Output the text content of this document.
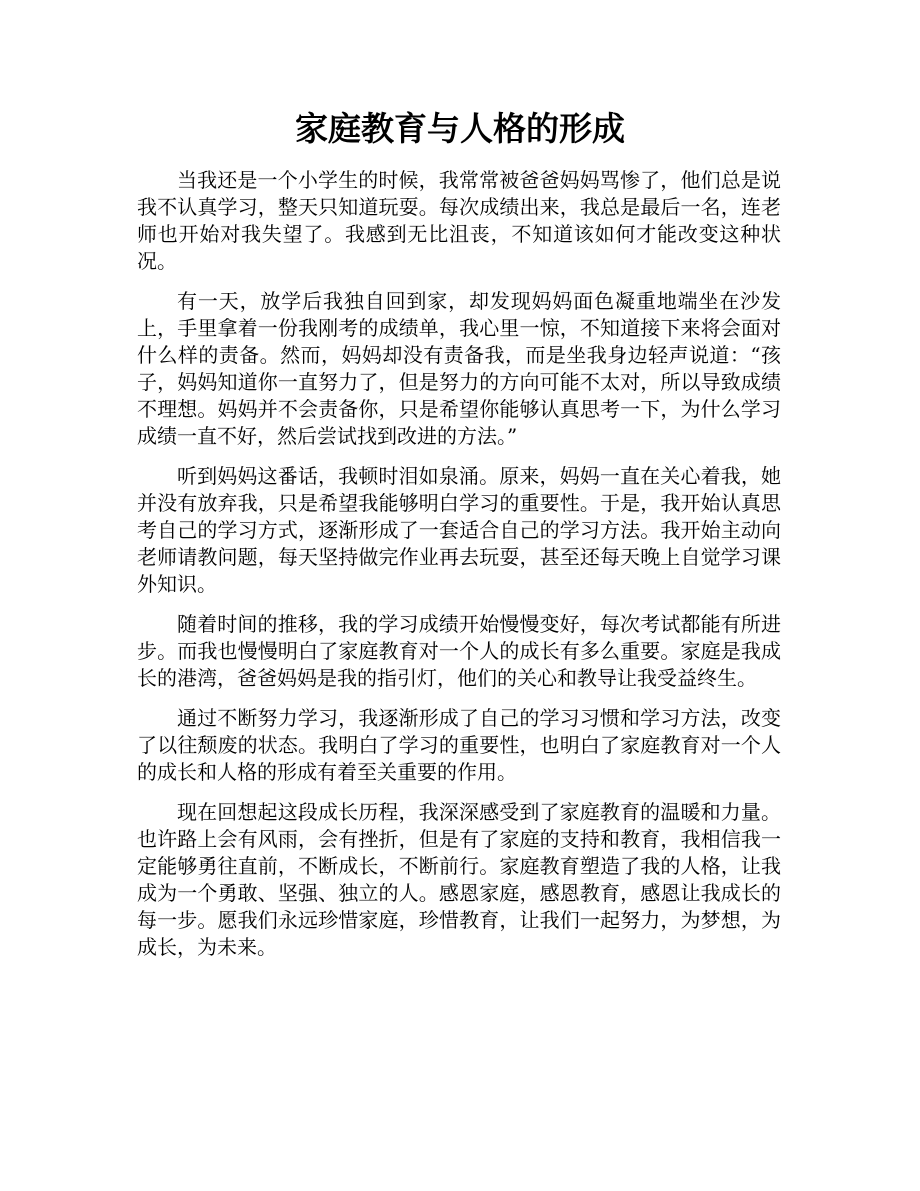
家庭教育与人格的形成

当我还是一个小学生的时候，我常常被爸爸妈妈骂惨了，他们总是说我不认真学习，整天只知道玩耍。每次成绩出来，我总是最后一名，连老师也开始对我失望了。我感到无比沮丧，不知道该如何才能改变这种状况。

有一天，放学后我独自回到家，却发现妈妈面色凝重地端坐在沙发上，手里拿着一份我刚考的成绩单，我心里一惊，不知道接下来将会面对什么样的责备。然而，妈妈却没有责备我，而是坐我身边轻声说道：“孩子，妈妈知道你一直努力了，但是努力的方向可能不太对，所以导致成绩不理想。妈妈并不会责备你，只是希望你能够认真思考一下，为什么学习成绩一直不好，然后尝试找到改进的方法。”

听到妈妈这番话，我顿时泪如泉涌。原来，妈妈一直在关心着我，她并没有放弃我，只是希望我能够明白学习的重要性。于是，我开始认真思考自己的学习方式，逐渐形成了一套适合自己的学习方法。我开始主动向老师请教问题，每天坚持做完作业再去玩耍，甚至还每天晚上自觉学习课外知识。

随着时间的推移，我的学习成绩开始慢慢变好，每次考试都能有所进步。而我也慢慢明白了家庭教育对一个人的成长有多么重要。家庭是我成长的港湾，爸爸妈妈是我的指引灯，他们的关心和教导让我受益终生。

通过不断努力学习，我逐渐形成了自己的学习习惯和学习方法，改变了以往颓废的状态。我明白了学习的重要性，也明白了家庭教育对一个人的成长和人格的形成有着至关重要的作用。

现在回想起这段成长历程，我深深感受到了家庭教育的温暖和力量。也许路上会有风雨，会有挫折，但是有了家庭的支持和教育，我相信我一定能够勇往直前，不断成长，不断前行。家庭教育塑造了我的人格，让我成为一个勇敢、坚强、独立的人。感恩家庭，感恩教育，感恩让我成长的每一步。愿我们永远珍惜家庭，珍惜教育，让我们一起努力，为梦想，为成长，为未来。
